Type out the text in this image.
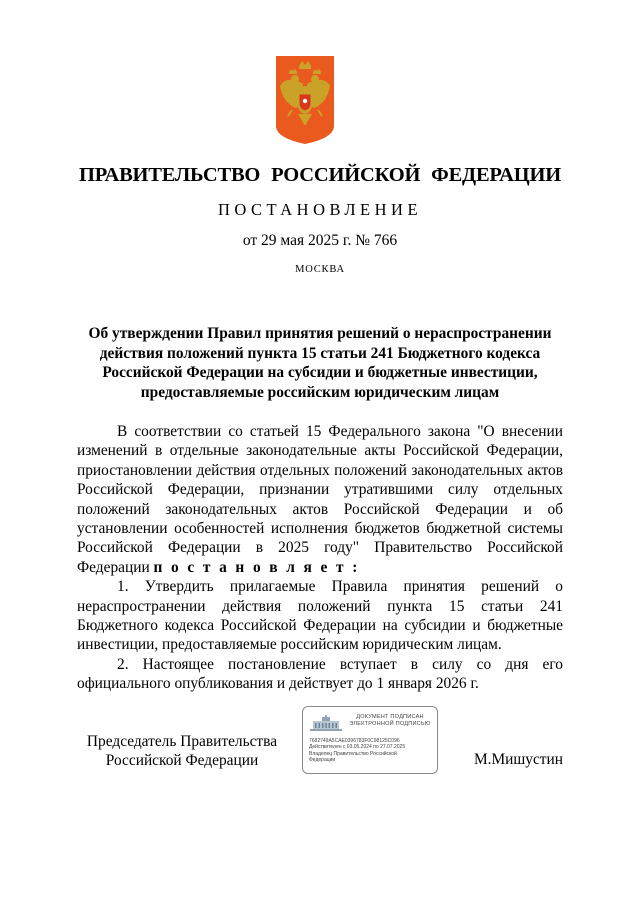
ПРАВИТЕЛЬСТВО РОССИЙСКОЙ ФЕДЕРАЦИИ
ПОСТАНОВЛЕНИЕ
от 29 мая 2025 г. № 766
МОСКВА
Об утверждении Правил принятия решений о нераспространении действия положений пункта 15 статьи 241 Бюджетного кодекса Российской Федерации на субсидии и бюджетные инвестиции, предоставляемые российским юридическим лицам

В соответствии со статьей 15 Федерального закона "О внесении изменений в отдельные законодательные акты Российской Федерации, приостановлении действия отдельных положений законодательных актов Российской Федерации, признании утратившими силу отдельных положений законодательных актов Российской Федерации и об установлении особенностей исполнения бюджетов бюджетной системы Российской Федерации в 2025 году" Правительство Российской Федерации п о с т а н о в л я е т :

1. Утвердить прилагаемые Правила принятия решений о нераспространении действия положений пункта 15 статьи 241 Бюджетного кодекса Российской Федерации на субсидии и бюджетные инвестиции, предоставляемые российским юридическим лицам.

2. Настоящее постановление вступает в силу со дня его официального опубликования и действует до 1 января 2026 г.

Председатель Правительства
Российской Федерации
ДОКУМЕНТ ПОДПИСАН
ЭЛЕКТРОННОЙ ПОДПИСЬЮ
7682749A5CAE0396783F0C98125C096
Действителен с 03.05.2024 по 27.07.2025
Владелец Правительство Российской
Федерации	М.Мишустин
